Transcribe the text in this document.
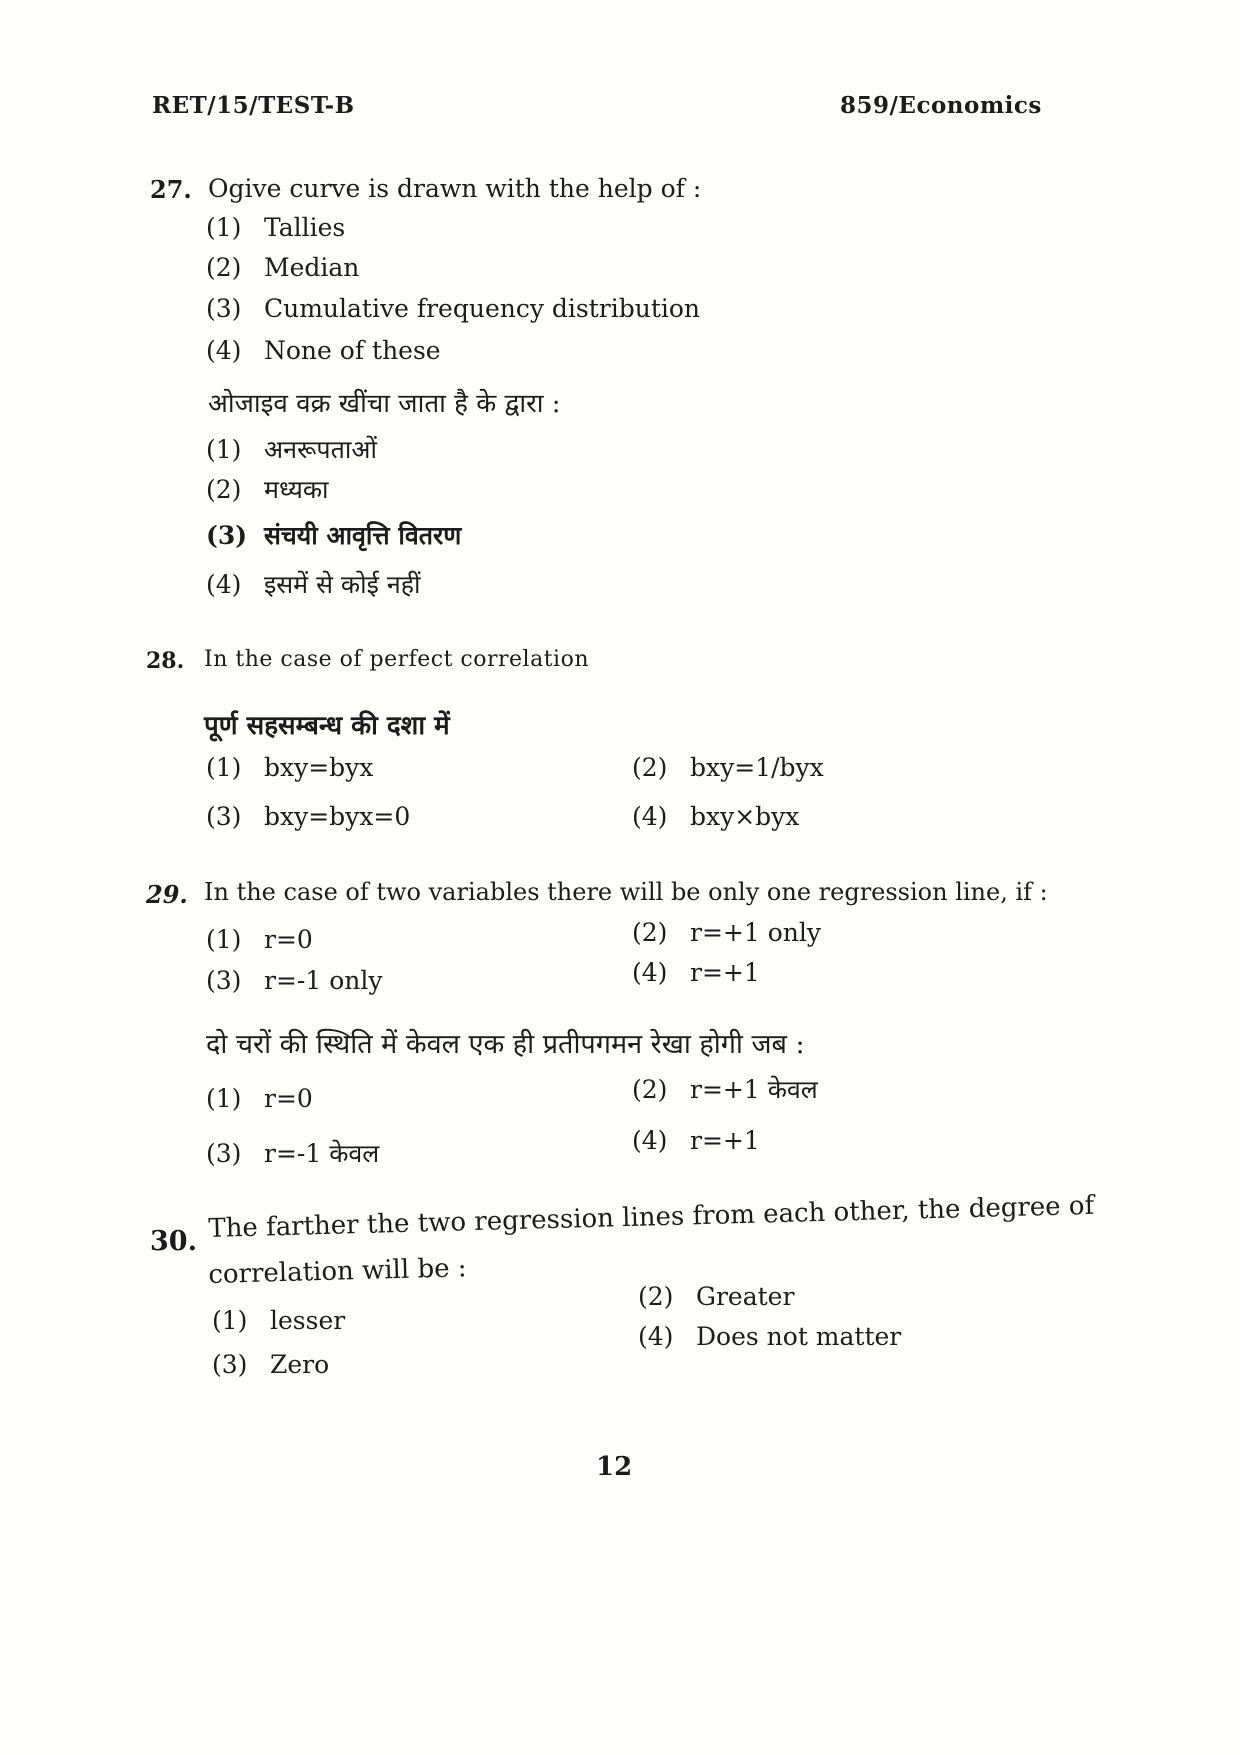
RET/15/TEST-B	859/Economics
27. Ogive curve is drawn with the help of :
(1) Tallies
(2) Median
(3) Cumulative frequency distribution
(4) None of these
ओजाइव वक्र खींचा जाता है के द्वारा :
(1) अनरूपताओं
(2) मध्यका
(3) संचयी आवृत्ति वितरण
(4) इसमें से कोई नहीं
28. In the case of perfect correlation
पूर्ण सहसम्बन्ध की दशा में
(1) bxy=byx	(2) bxy=1/byx
(3) bxy=byx=0	(4) bxy×byx
29. In the case of two variables there will be only one regression line, if :
(1) r=0	(2) r=+1 only
(3) r=-1 only	(4) r=+1
दो चरों की स्थिति में केवल एक ही प्रतीपगमन रेखा होगी जब :
(1) r=0	(2) r=+1 केवल
(3) r=-1 केवल	(4) r=+1
30. The farther the two regression lines from each other, the degree of
correlation will be :
(1) lesser
(2) Greater
(3) Zero
(4) Does not matter
12
